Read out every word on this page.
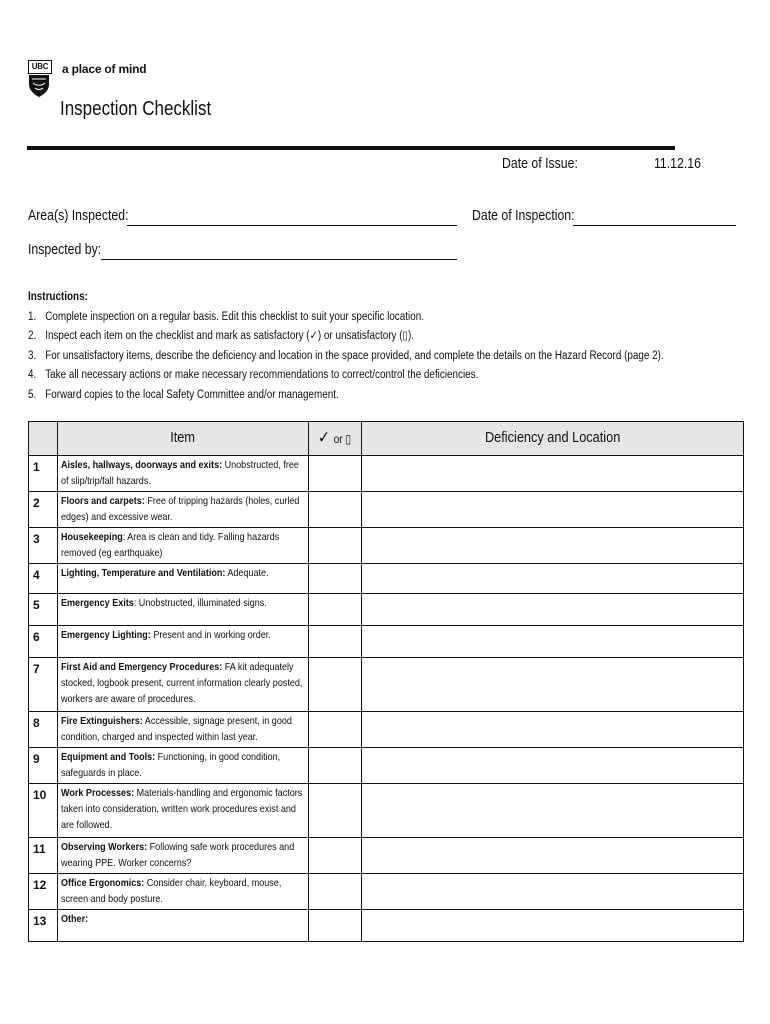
UBC	a place of mind
Inspection Checklist
Date of Issue:	11.12.16
Area(s) Inspected:	Date of Inspection:
Inspected by:
Instructions:
1. Complete inspection on a regular basis. Edit this checklist to suit your specific location.
2. Inspect each item on the checklist and mark as satisfactory (✓) or unsatisfactory (▯).
3. For unsatisfactory items, describe the deficiency and location in the space provided, and complete the details on the Hazard Record (page 2).
4. Take all necessary actions or make necessary recommendations to correct/control the deficiencies.
5. Forward copies to the local Safety Committee and/or management.
	Item	✓ or ▯	Deficiency and Location
1	Aisles, hallways, doorways and exits: Unobstructed, free of slip/trip/fall hazards.		

2	Floors and carpets: Free of tripping hazards (holes, curled edges) and excessive wear.		

3	Housekeeping: Area is clean and tidy. Falling hazards removed (eg earthquake)		

4	Lighting, Temperature and Ventilation: Adequate.		

5	Emergency Exits: Unobstructed, illuminated signs.		

6	Emergency Lighting: Present and in working order.		

7	First Aid and Emergency Procedures: FA kit adequately stocked, logbook present, current information clearly posted, workers are aware of procedures.		

8	Fire Extinguishers: Accessible, signage present, in good condition, charged and inspected within last year.		

9	Equipment and Tools: Functioning, in good condition, safeguards in place.		

10	Work Processes: Materials-handling and ergonomic factors taken into consideration, written work procedures exist and are followed.		

11	Observing Workers: Following safe work procedures and wearing PPE. Worker concerns?		

12	Office Ergonomics: Consider chair, keyboard, mouse, screen and body posture.		

13	Other:		
